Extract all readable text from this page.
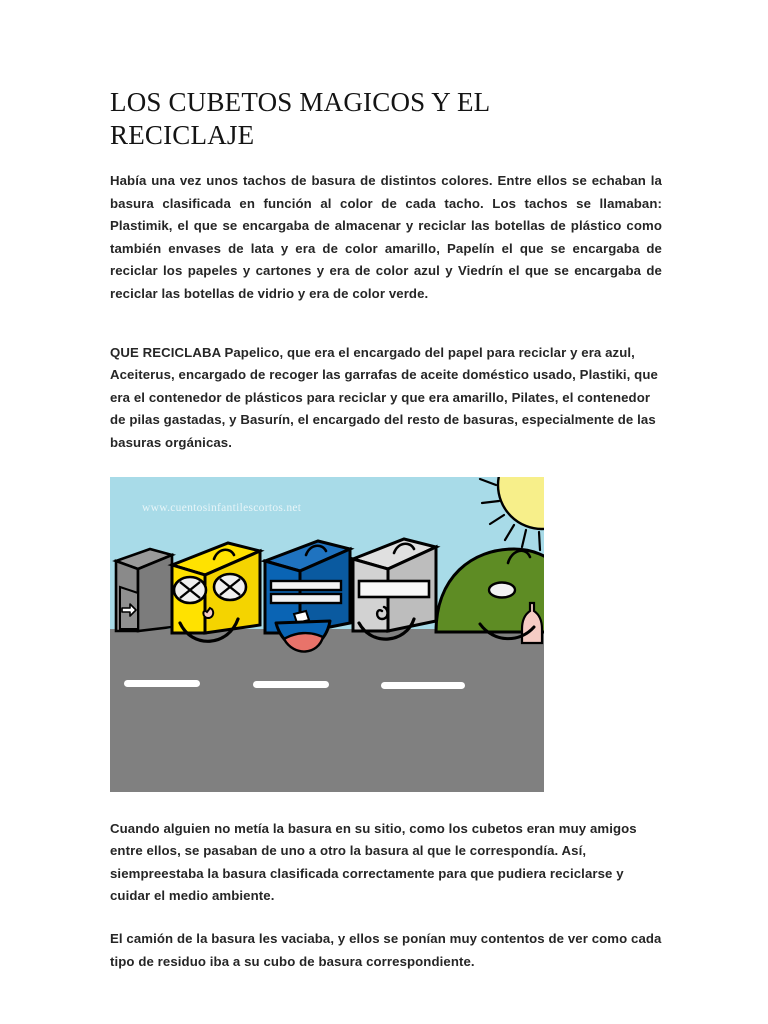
LOS CUBETOS MAGICOS Y EL RECICLAJE

Había una vez unos tachos de basura de distintos colores. Entre ellos se echaban la basura clasificada en función al color de cada tacho. Los tachos se llamaban: Plastimik, el que se encargaba de almacenar y reciclar las botellas de plástico como también envases de lata y era de color amarillo, Papelín el que se encargaba de reciclar los papeles y cartones y era de color azul y Viedrín el que se encargaba de reciclar las botellas de vidrio y era de color verde.

QUE RECICLABA Papelico, que era el encargado del papel para reciclar y era azul, Aceiterus, encargado de recoger las garrafas de aceite doméstico usado, Plastiki, que era el contenedor de plásticos para reciclar y que era amarillo, Pilates, el contenedor de pilas gastadas, y Basurín, el encargado del resto de basuras, especialmente de las basuras orgánicas.

www.cuentosinfantilescortos.net

Cuando alguien no metía la basura en su sitio, como los cubetos eran muy amigos entre ellos, se pasaban de uno a otro la basura al que le correspondía. Así, siempreestaba la basura clasificada correctamente para que pudiera reciclarse y cuidar el medio ambiente.

El camión de la basura les vaciaba, y ellos se ponían muy contentos de ver como cada tipo de residuo iba a su cubo de basura correspondiente.
